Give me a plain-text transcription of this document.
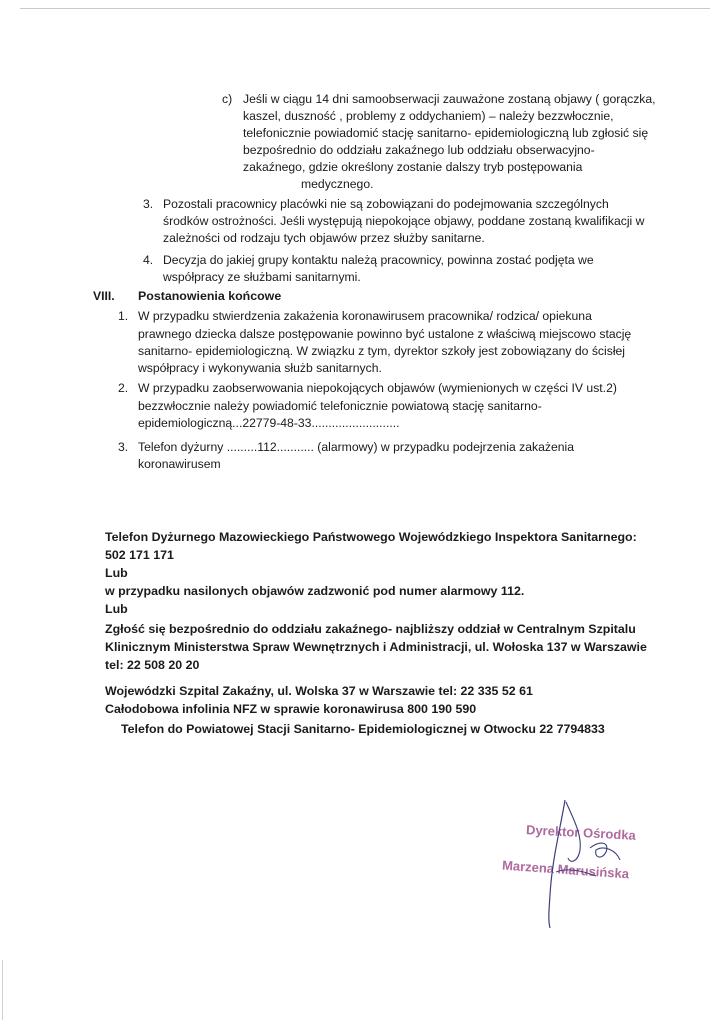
c) Jeśli w ciągu 14 dni samoobserwacji zauważone zostaną objawy ( gorączka,
kaszel, duszność , problemy z oddychaniem) – należy bezzwłocznie,
telefonicznie powiadomić stację sanitarno- epidemiologiczną lub zgłosić się
bezpośrednio do oddziału zakaźnego lub oddziału obserwacyjno-
zakaźnego, gdzie określony zostanie dalszy tryb postępowania
medycznego.
3. Pozostali pracownicy placówki nie są zobowiązani do podejmowania szczególnych
środków ostrożności. Jeśli występują niepokojące objawy, poddane zostaną kwalifikacji w
zależności od rodzaju tych objawów przez służby sanitarne.
4. Decyzja do jakiej grupy kontaktu należą pracownicy, powinna zostać podjęta we
współpracy ze służbami sanitarnymi.
VIII. Postanowienia końcowe
1. W przypadku stwierdzenia zakażenia koronawirusem pracownika/ rodzica/ opiekuna
prawnego dziecka dalsze postępowanie powinno być ustalone z właściwą miejscowo stację
sanitarno- epidemiologiczną. W związku z tym, dyrektor szkoły jest zobowiązany do ścisłej
współpracy i wykonywania służb sanitarnych.
2. W przypadku zaobserwowania niepokojących objawów (wymienionych w części IV ust.2)
bezzwłocznie należy powiadomić telefonicznie powiatową stację sanitarno-
epidemiologiczną...22779-48-33..........................
3. Telefon dyżurny .........112........... (alarmowy) w przypadku podejrzenia zakażenia
koronawirusem
Telefon Dyżurnego Mazowieckiego Państwowego Wojewódzkiego Inspektora Sanitarnego:
502 171 171
Lub
w przypadku nasilonych objawów zadzwonić pod numer alarmowy 112.
Lub
Zgłość się bezpośrednio do oddziału zakaźnego- najbliższy oddział w Centralnym Szpitalu
Klinicznym Ministerstwa Spraw Wewnętrznych i Administracji, ul. Wołoska 137 w Warszawie
tel: 22 508 20 20
Wojewódzki Szpital Zakaźny, ul. Wolska 37 w Warszawie tel: 22 335 52 61
Całodobowa infolinia NFZ w sprawie koronawirusa 800 190 590
Telefon do Powiatowej Stacji Sanitarno- Epidemiologicznej w Otwocku 22 7794833
Dyrektor Ośrodka
Marzena Marusińska
